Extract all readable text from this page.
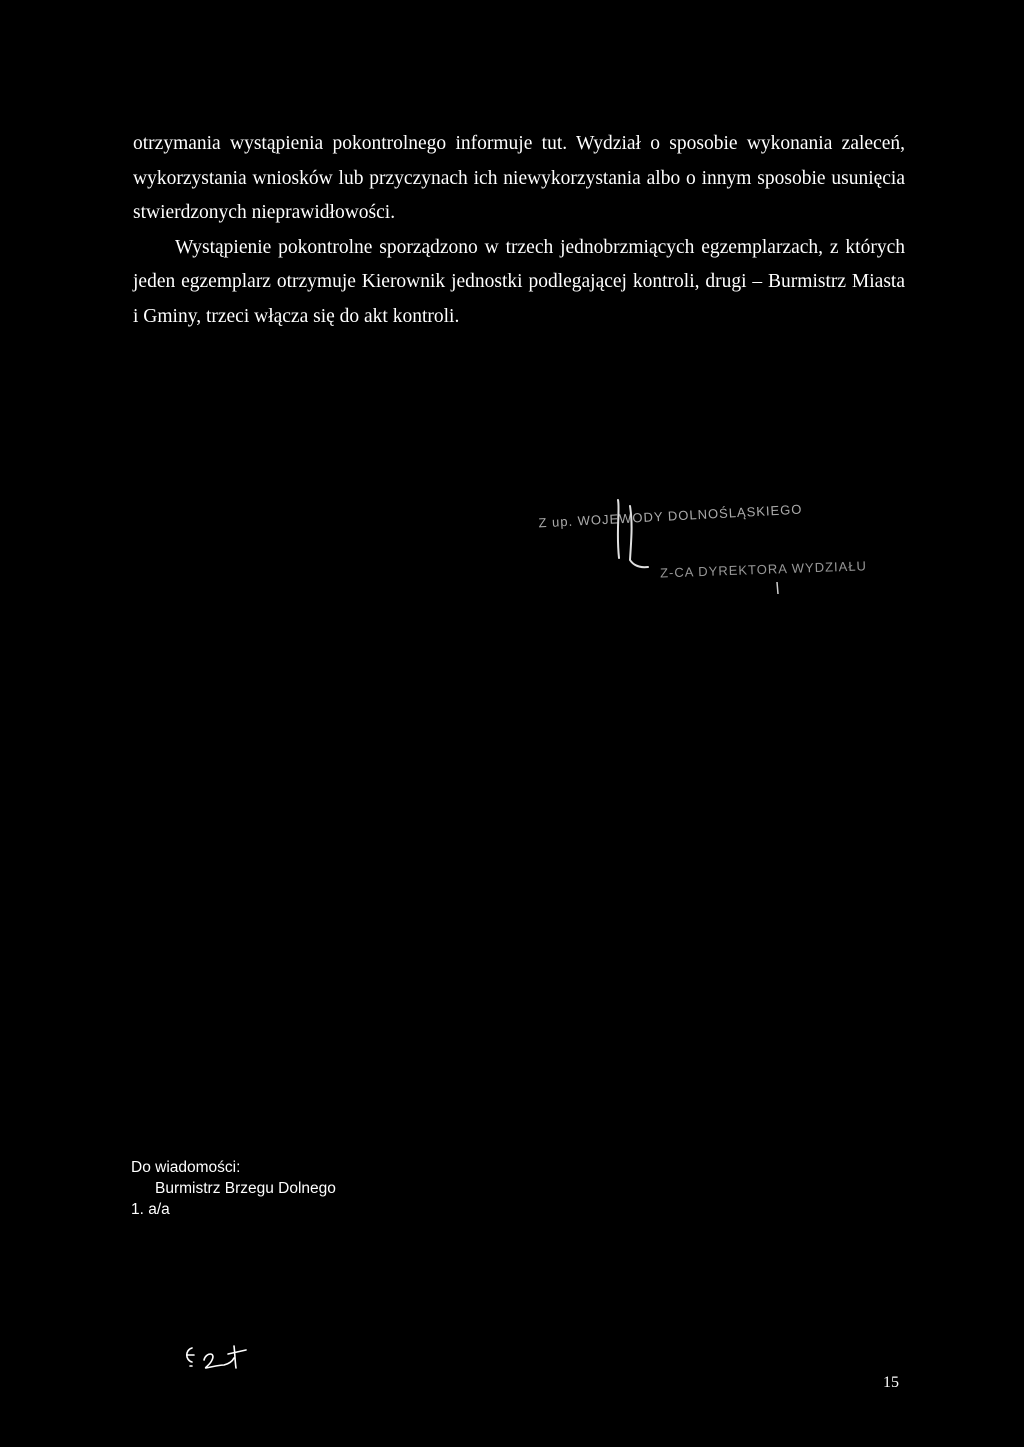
otrzymania wystąpienia pokontrolnego informuje tut. Wydział o sposobie wykonania zaleceń, wykorzystania wniosków lub przyczynach ich niewykorzystania albo o innym sposobie usunięcia stwierdzonych nieprawidłowości.

Wystąpienie pokontrolne sporządzono w trzech jednobrzmiących egzemplarzach, z których jeden egzemplarz otrzymuje Kierownik jednostki podlegającej kontroli, drugi – Burmistrz Miasta i Gminy, trzeci włącza się do akt kontroli.

Z up. WOJEWODY DOLNOŚLĄSKIEGO
Z-CA DYREKTORA WYDZIAŁU
Do wiadomości:
Burmistrz Brzegu Dolnego
1. a/a
15
